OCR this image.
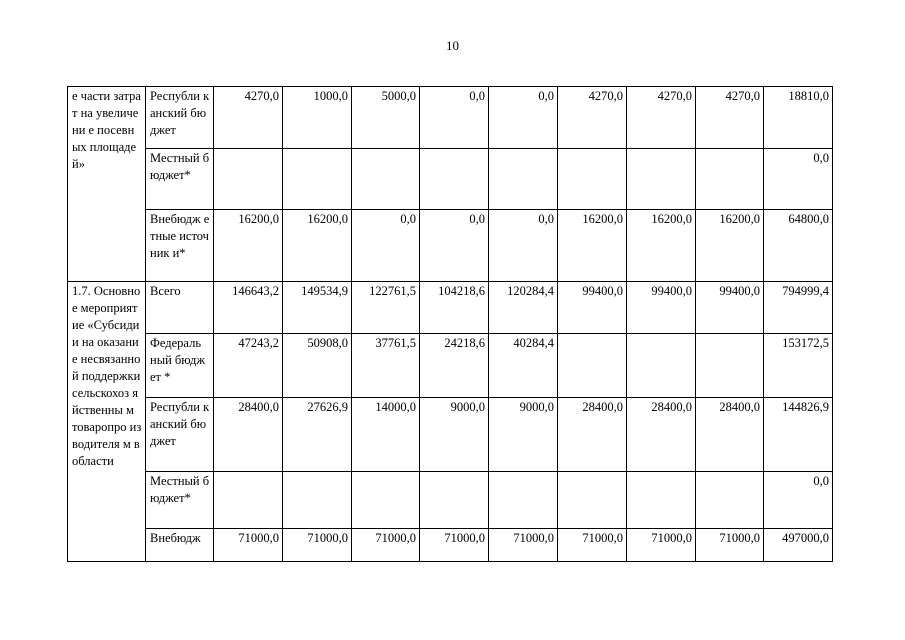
10
е части затрат на увеличени е посевных площадей»	Республи канский бюджет	4270,0	1000,0	5000,0	0,0	0,0	4270,0	4270,0	4270,0	18810,0
	Местный бюджет*									0,0
	Внебюдж етные источник и*	16200,0	16200,0	0,0	0,0	0,0	16200,0	16200,0	16200,0	64800,0
1.7. Основное мероприят ие «Субсидии на оказание несвязанно й поддержки сельскохоз яйственны м товаропро изводителя м в области	Всего	146643,2	149534,9	122761,5	104218,6	120284,4	99400,0	99400,0	99400,0	794999,4
	Федераль ный бюджет *	47243,2	50908,0	37761,5	24218,6	40284,4				153172,5
	Республи канский бюджет	28400,0	27626,9	14000,0	9000,0	9000,0	28400,0	28400,0	28400,0	144826,9
	Местный бюджет*									0,0
	Внебюдж	71000,0	71000,0	71000,0	71000,0	71000,0	71000,0	71000,0	71000,0	497000,0
